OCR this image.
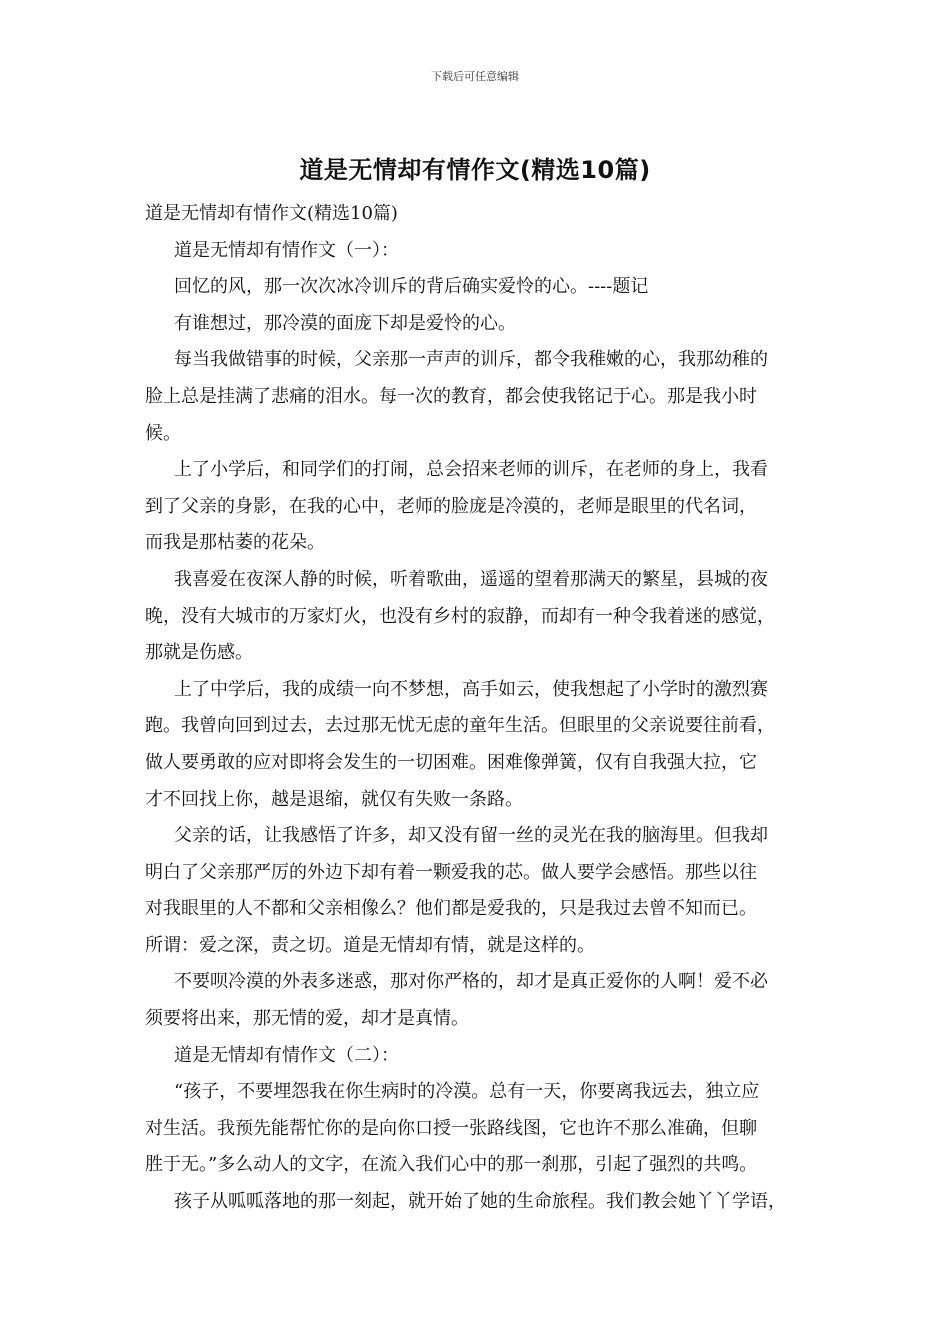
下载后可任意编辑
道是无情却有情作文(精选10篇)

道是无情却有情作文(精选10篇)

道是无情却有情作文（一）：

回忆的风，那一次次冰冷训斥的背后确实爱怜的心。----题记

有谁想过，那冷漠的面庞下却是爱怜的心。

每当我做错事的时候，父亲那一声声的训斥，都令我稚嫩的心，我那幼稚的
脸上总是挂满了悲痛的泪水。每一次的教育，都会使我铭记于心。那是我小时
候。

上了小学后，和同学们的打闹，总会招来老师的训斥，在老师的身上，我看
到了父亲的身影，在我的心中，老师的脸庞是冷漠的，老师是眼里的代名词，
而我是那枯萎的花朵。

我喜爱在夜深人静的时候，听着歌曲，遥遥的望着那满天的繁星，县城的夜
晚，没有大城市的万家灯火，也没有乡村的寂静，而却有一种令我着迷的感觉，
那就是伤感。

上了中学后，我的成绩一向不梦想，高手如云，使我想起了小学时的激烈赛
跑。我曾向回到过去，去过那无忧无虑的童年生活。但眼里的父亲说要往前看，
做人要勇敢的应对即将会发生的一切困难。困难像弹簧，仅有自我强大拉，它
才不回找上你，越是退缩，就仅有失败一条路。

父亲的话，让我感悟了许多，却又没有留一丝的灵光在我的脑海里。但我却
明白了父亲那严厉的外边下却有着一颗爱我的芯。做人要学会感悟。那些以往
对我眼里的人不都和父亲相像么？他们都是爱我的，只是我过去曾不知而已。
所谓：爱之深，责之切。道是无情却有情，就是这样的。

不要呗冷漠的外表多迷惑，那对你严格的，却才是真正爱你的人啊！爱不必
须要将出来，那无情的爱，却才是真情。

道是无情却有情作文（二）：

“孩子，不要埋怨我在你生病时的冷漠。总有一天，你要离我远去，独立应
对生活。我预先能帮忙你的是向你口授一张路线图，它也许不那么准确，但聊
胜于无。”多么动人的文字，在流入我们心中的那一刹那，引起了强烈的共鸣。

孩子从呱呱落地的那一刻起，就开始了她的生命旅程。我们教会她丫丫学语，
